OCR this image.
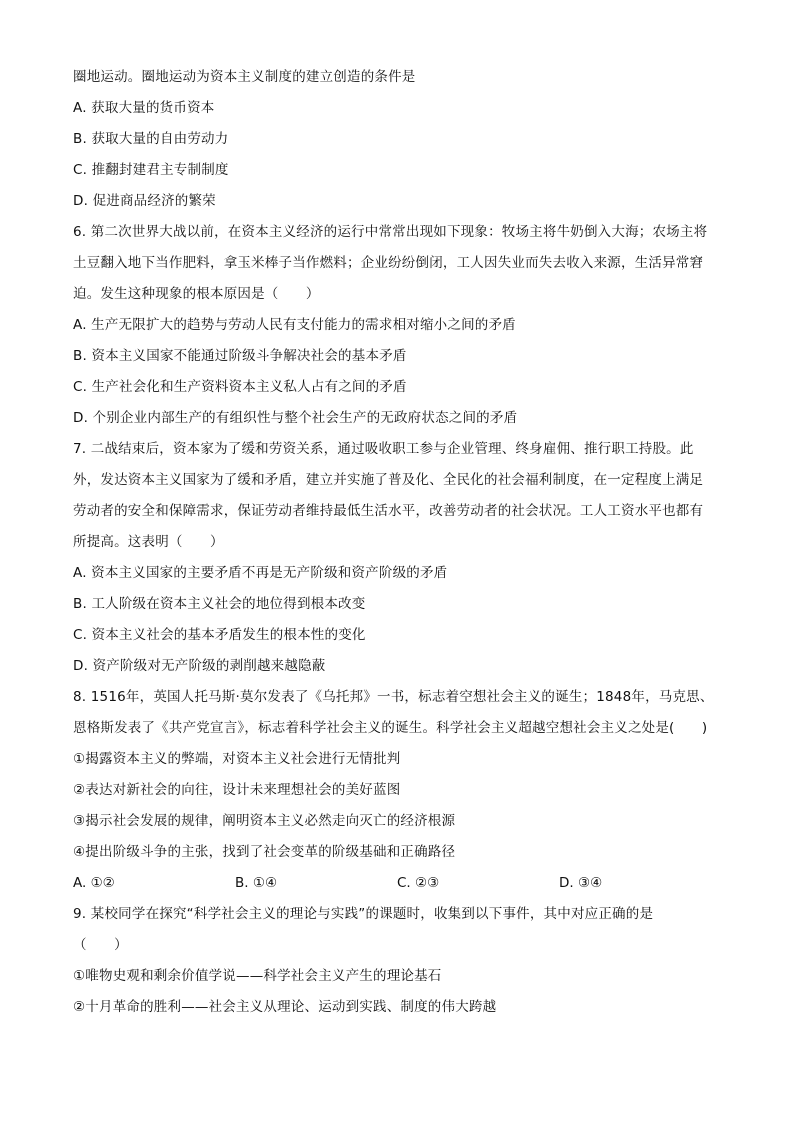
圈地运动。圈地运动为资本主义制度的建立创造的条件是
A. 获取大量的货币资本
B. 获取大量的自由劳动力
C. 推翻封建君主专制制度
D. 促进商品经济的繁荣
6. 第二次世界大战以前，在资本主义经济的运行中常常出现如下现象：牧场主将牛奶倒入大海；农场主将
土豆翻入地下当作肥料，拿玉米棒子当作燃料；企业纷纷倒闭，工人因失业而失去收入来源，生活异常窘
迫。发生这种现象的根本原因是（　　）
A. 生产无限扩大的趋势与劳动人民有支付能力的需求相对缩小之间的矛盾
B. 资本主义国家不能通过阶级斗争解决社会的基本矛盾
C. 生产社会化和生产资料资本主义私人占有之间的矛盾
D. 个别企业内部生产的有组织性与整个社会生产的无政府状态之间的矛盾
7. 二战结束后，资本家为了缓和劳资关系，通过吸收职工参与企业管理、终身雇佣、推行职工持股。此
外，发达资本主义国家为了缓和矛盾，建立并实施了普及化、全民化的社会福利制度，在一定程度上满足
劳动者的安全和保障需求，保证劳动者维持最低生活水平，改善劳动者的社会状况。工人工资水平也都有
所提高。这表明（　　）
A. 资本主义国家的主要矛盾不再是无产阶级和资产阶级的矛盾
B. 工人阶级在资本主义社会的地位得到根本改变
C. 资本主义社会的基本矛盾发生的根本性的变化
D. 资产阶级对无产阶级的剥削越来越隐蔽
8. 1516年，英国人托马斯·莫尔发表了《乌托邦》一书，标志着空想社会主义的诞生；1848年，马克思、
恩格斯发表了《共产党宣言》，标志着科学社会主义的诞生。科学社会主义超越空想社会主义之处是(　　)
①揭露资本主义的弊端，对资本主义社会进行无情批判
②表达对新社会的向往，设计未来理想社会的美好蓝图
③揭示社会发展的规律，阐明资本主义必然走向灭亡的经济根源
④提出阶级斗争的主张，找到了社会变革的阶级基础和正确路径
A. ①②	B. ①④	C. ②③	D. ③④
9. 某校同学在探究“科学社会主义的理论与实践”的课题时，收集到以下事件，其中对应正确的是
（　　）
①唯物史观和剩余价值学说——科学社会主义产生的理论基石
②十月革命的胜利——社会主义从理论、运动到实践、制度的伟大跨越
